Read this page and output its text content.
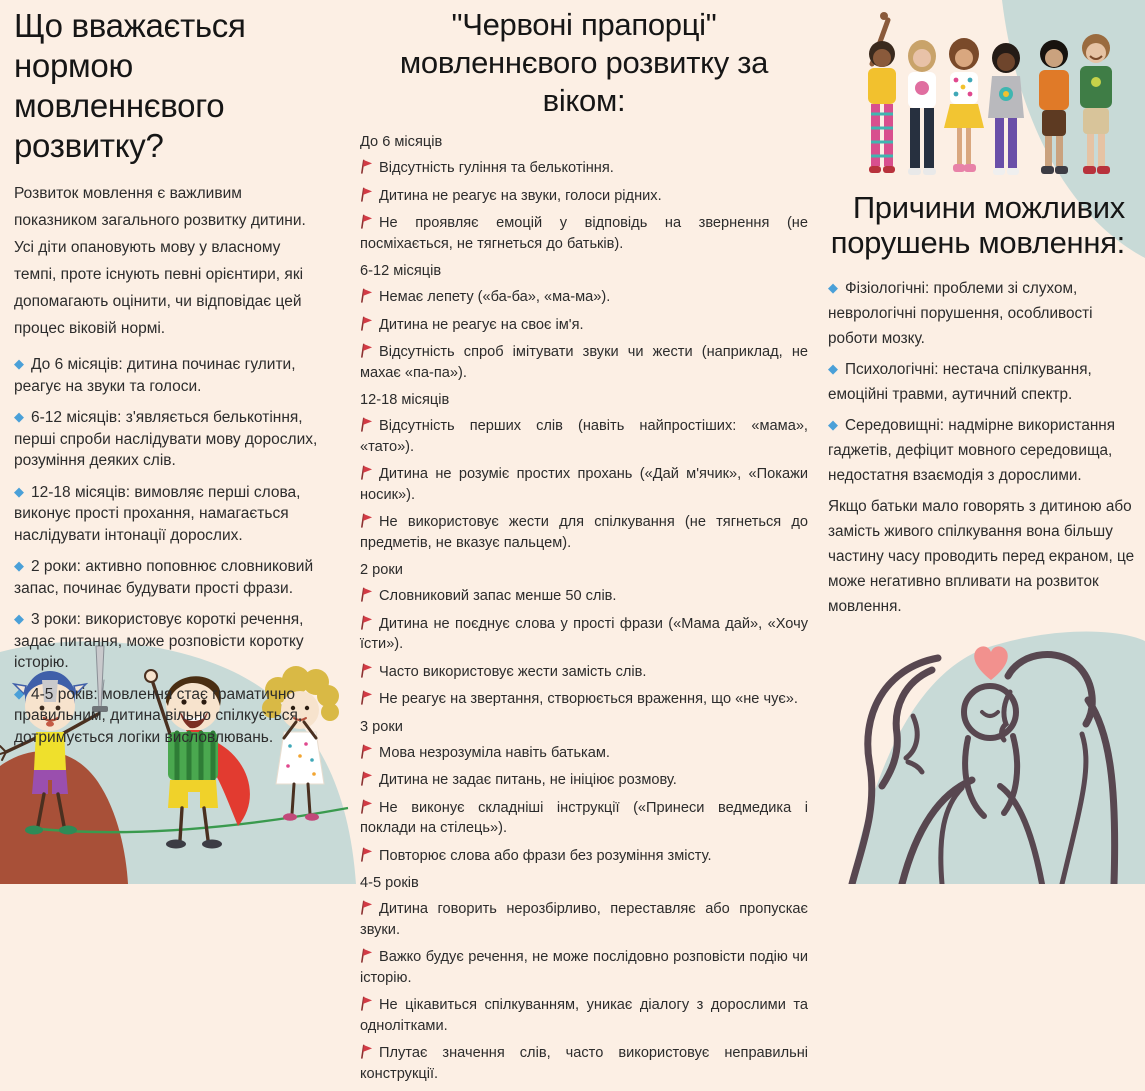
Що вважається нормою мовленнєвого розвитку?

Розвиток мовлення є важливим показником загального розвитку дитини. Усі діти опановують мову у власному темпі, проте існують певні орієнтири, які допомагають оцінити, чи відповідає цей процес віковій нормі.

◆ До 6 місяців: дитина починає гулити, реагує на звуки та голоси.

◆ 6-12 місяців: з'являється белькотіння, перші спроби наслідувати мову дорослих, розуміння деяких слів.

◆ 12-18 місяців: вимовляє перші слова, виконує прості прохання, намагається наслідувати інтонації дорослих.

◆ 2 роки: активно поповнює словниковий запас, починає будувати прості фрази.

◆ 3 роки: використовує короткі речення, задає питання, може розповісти коротку історію.

◆ 4-5 років: мовлення стає граматично правильним, дитина вільно спілкується, дотримується логіки висловлювань.

"Червоні прапорці" мовленнєвого розвитку за віком:
До 6 місяців

Відсутність гуління та белькотіння.

Дитина не реагує на звуки, голоси рідних.

Не проявляє емоцій у відповідь на звернення (не посміхається, не тягнеться до батьків).

6-12 місяців

Немає лепету («ба-ба», «ма-ма»).

Дитина не реагує на своє ім'я.

Відсутність спроб імітувати звуки чи жести (наприклад, не махає «па-па»).

12-18 місяців

Відсутність перших слів (навіть найпростіших: «мама», «тато»).

Дитина не розуміє простих прохань («Дай м'ячик», «Покажи носик»).

Не використовує жести для спілкування (не тягнеться до предметів, не вказує пальцем).

2 роки

Словниковий запас менше 50 слів.

Дитина не поєднує слова у прості фрази («Мама дай», «Хочу їсти»).

Часто використовує жести замість слів.

Не реагує на звертання, створюється враження, що «не чує».

3 роки

Мова незрозуміла навіть батькам.

Дитина не задає питань, не ініціює розмову.

Не виконує складніші інструкції («Принеси ведмедика і поклади на стілець»).

Повторює слова або фрази без розуміння змісту.

4-5 років

Дитина говорить нерозбірливо, переставляє або пропускає звуки.

Важко будує речення, не може послідовно розповісти подію чи історію.

Не цікавиться спілкуванням, уникає діалогу з дорослими та однолітками.

Плутає значення слів, часто використовує неправильні конструкції.

Причини можливих порушень мовлення:

◆ Фізіологічні: проблеми зі слухом, неврологічні порушення, особливості роботи мозку.

◆ Психологічні: нестача спілкування, емоційні травми, аутичний спектр.

◆ Середовищні: надмірне використання гаджетів, дефіцит мовного середовища, недостатня взаємодія з дорослими.

Якщо батьки мало говорять з дитиною або замість живого спілкування вона більшу частину часу проводить перед екраном, це може негативно впливати на розвиток мовлення.
